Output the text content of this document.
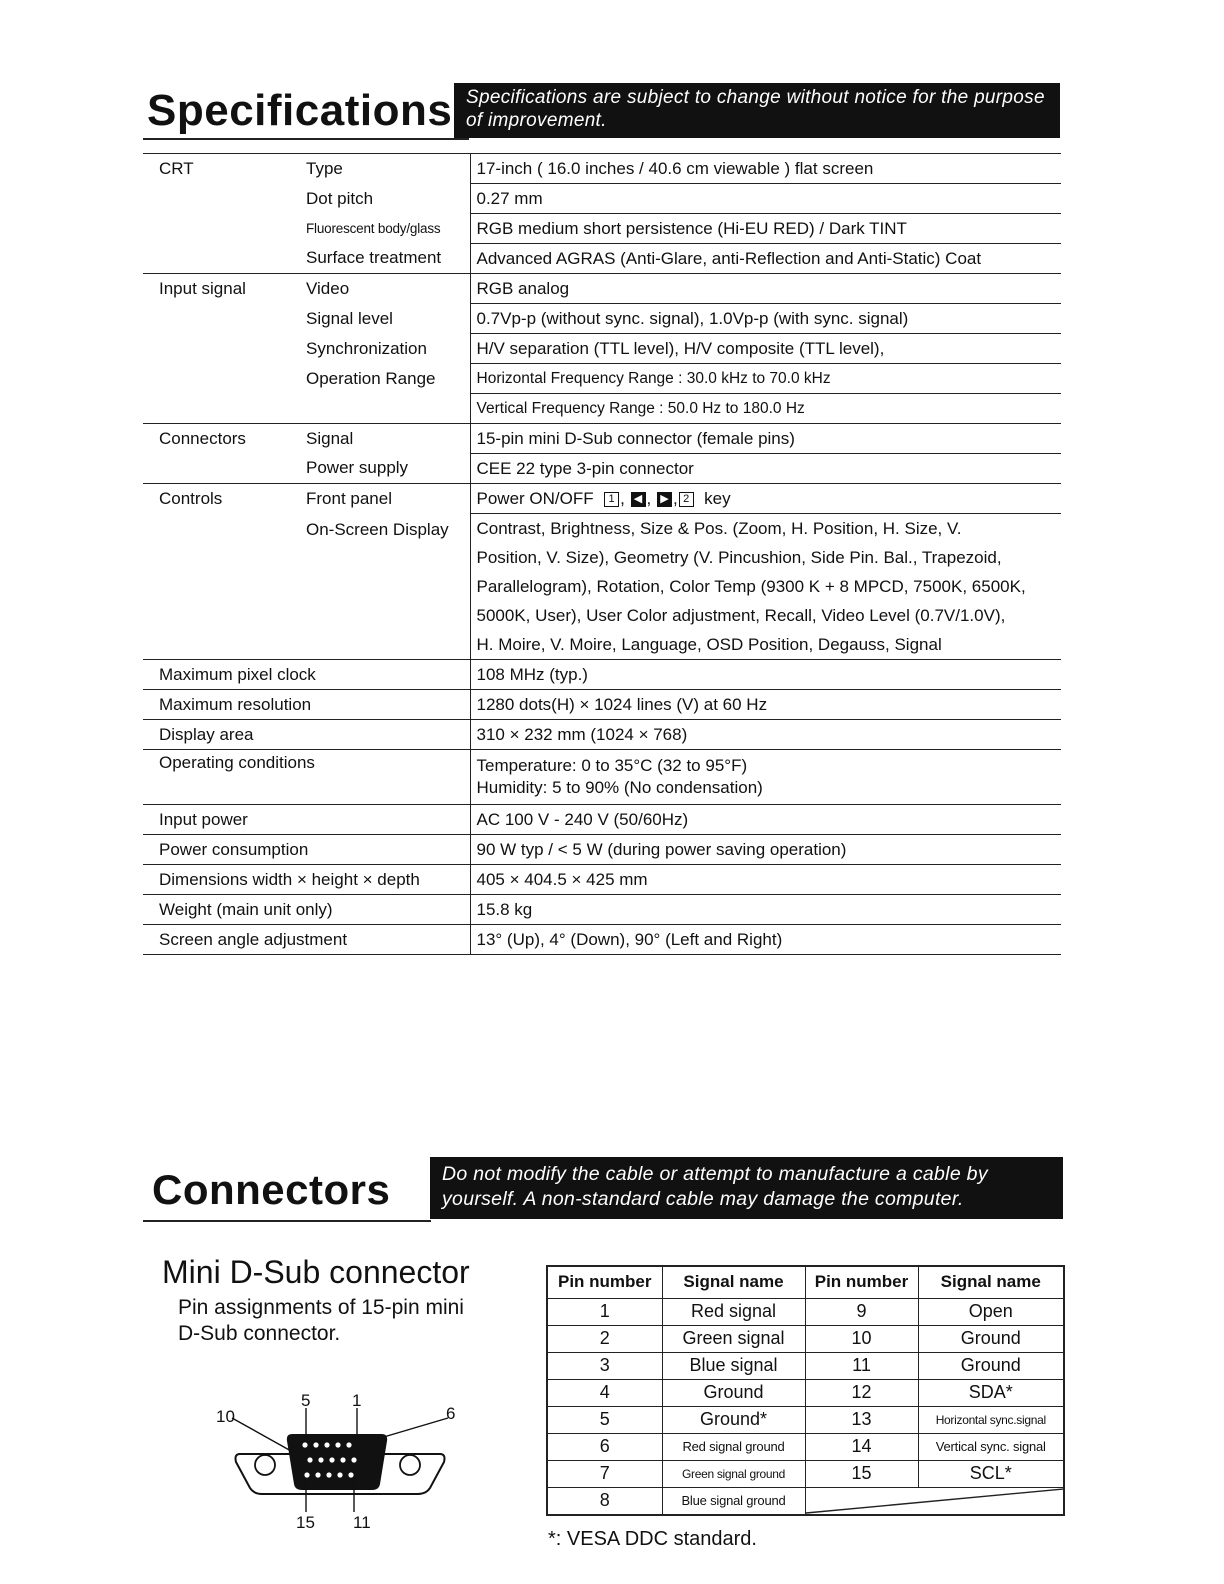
Specifications Specifications are subject to change without notice for the purpose of improvement.
CRT	Type	17-inch ( 16.0 inches / 40.6 cm viewable ) flat screen
	Dot pitch	0.27 mm
	Fluorescent body/glass	RGB medium short persistence (Hi-EU RED) / Dark TINT
	Surface treatment	Advanced AGRAS (Anti-Glare, anti-Reflection and Anti-Static) Coat
Input signal	Video	RGB analog
	Signal level	0.7Vp-p (without sync. signal), 1.0Vp-p (with sync. signal)
	Synchronization	H/V separation (TTL level), H/V composite (TTL level),
	Operation Range	Horizontal Frequency Range : 30.0 kHz to 70.0 kHz
		Vertical Frequency Range : 50.0 Hz to 180.0 Hz
Connectors	Signal	15-pin mini D-Sub connector (female pins)
	Power supply	CEE 22 type 3-pin connector
Controls	Front panel	Power ON/OFF 1 , ◀ , ▶ , 2 key
	On-Screen Display	Contrast, Brightness, Size & Pos. (Zoom, H. Position, H. Size, V.
Position, V. Size), Geometry (V. Pincushion, Side Pin. Bal., Trapezoid,
Parallelogram), Rotation, Color Temp (9300 K + 8 MPCD, 7500K, 6500K,
5000K, User), User Color adjustment, Recall, Video Level (0.7V/1.0V),
H. Moire, V. Moire, Language, OSD Position, Degauss, Signal

Maximum pixel clock		108 MHz (typ.)
Maximum resolution		1280 dots(H) × 1024 lines (V) at 60 Hz
Display area		310 × 232 mm (1024 × 768)
Operating conditions		Temperature: 0 to 35°C (32 to 95°F)
Humidity: 5 to 90% (No condensation)

Input power		AC 100 V - 240 V (50/60Hz)
Power consumption		90 W typ / < 5 W (during power saving operation)
Dimensions width × height × depth		405 × 404.5 × 425 mm
Weight (main unit only)		15.8 kg
Screen angle adjustment		13° (Up), 4° (Down), 90° (Left and Right)
Connectors	Do not modify the cable or attempt to manufacture a cable by yourself. A non-standard cable may damage the computer.
Mini D-Sub connector
Pin assignments of 15-pin mini
D-Sub connector.
5 1
10	6
15 11
Pin number	Signal name	Pin number	Signal name
1	Red signal	9	Open
2	Green signal	10	Ground
3	Blue signal	11	Ground
4	Ground	12	SDA*
5	Ground*	13	Horizontal sync.signal
6	Red signal ground	14	Vertical sync. signal
7	Green signal ground	15	SCL*
8	Blue signal ground	
*: VESA DDC standard.
